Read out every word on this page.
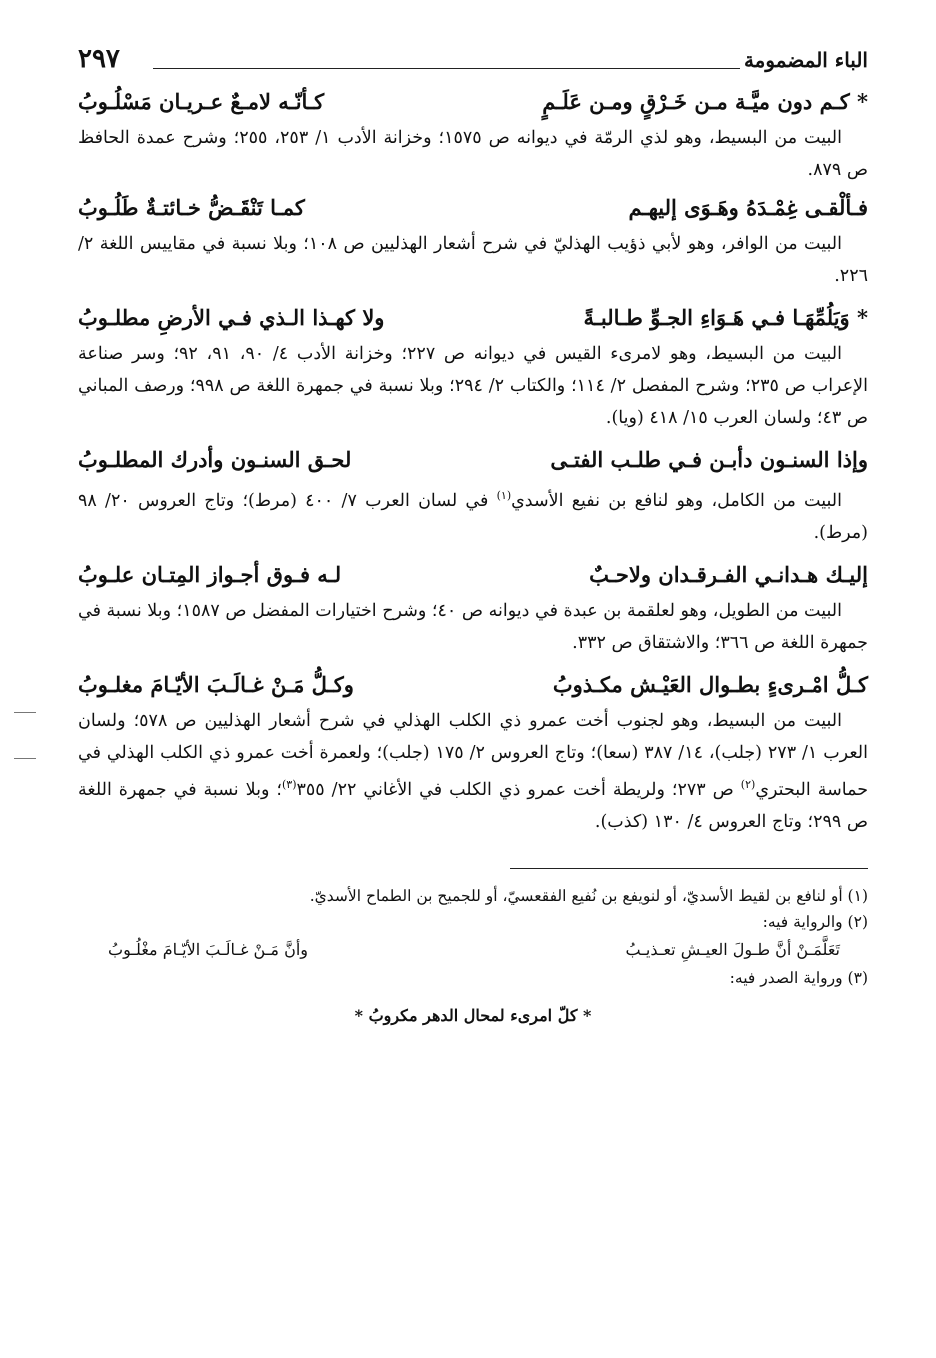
الباء المضمومة
٢٩٧
* كـم دون ميَّـة مـن خَـرْقٍ ومـن عَلَـمٍ
كـأنّـه لامـعٌ عـريـان مَسْلُـوبُ

البيت من البسيط، وهو لذي الرمّة في ديوانه ص ١٥٧٥؛ وخزانة الأدب ١/ ٢٥٣، ٢٥٥؛ وشرح عمدة الحافظ ص ٨٧٩.

فـألْقـى غِمْـدَهُ وهَـوَى إليهـم
كمـا تَنْقَـضُّ خـائتـةٌ طَلُـوبُ

البيت من الوافر، وهو لأبي ذؤيب الهذليّ في شرح أشعار الهذليين ص ١٠٨؛ وبلا نسبة في مقاييس اللغة ٢/ ٢٢٦.

* وَيَلُمِّهَـا فـي هَـوَاءِ الجـوِّ طـالبـةً
ولا كهـذا الـذي فـي الأرضِ مطلـوبُ

البيت من البسيط، وهو لامرىء القيس في ديوانه ص ٢٢٧؛ وخزانة الأدب ٤/ ٩٠، ٩١، ٩٢؛ وسر صناعة الإعراب ص ٢٣٥؛ وشرح المفصل ٢/ ١١٤؛ والكتاب ٢/ ٢٩٤؛ وبلا نسبة في جمهرة اللغة ص ٩٩٨؛ ورصف المباني ص ٤٣؛ ولسان العرب ١٥/ ٤١٨ (ويا).

وإذا السنـون دأبـن فـي طلـب الفتـى
لحـق السنـون وأدرك المطلـوبُ

البيت من الكامل، وهو لنافع بن نفيع الأسدي$^{(١)}$ في لسان العرب ٧/ ٤٠٠ (مرط)؛ وتاج العروس ٢٠/ ٩٨ (مرط).

إليـك هـدانـي الفـرقـدان ولاحـبٌ
لـه فـوق أجـواز المِتـان علـوبُ

البيت من الطويل، وهو لعلقمة بن عبدة في ديوانه ص ٤٠؛ وشرح اختيارات المفضل ص ١٥٨٧؛ وبلا نسبة في جمهرة اللغة ص ٣٦٦؛ والاشتقاق ص ٣٣٢.

كـلُّ امْـرىءٍ بطـوال العَيْـش مكـذوبُ
وكـلُّ مَـنْ غـالَـبَ الأيّـامَ مغلـوبُ

البيت من البسيط، وهو لجنوب أخت عمرو ذي الكلب الهذلي في شرح أشعار الهذليين ص ٥٧٨؛ ولسان العرب ١/ ٢٧٣ (جلب)، ١٤/ ٣٨٧ (سعا)؛ وتاج العروس ٢/ ١٧٥ (جلب)؛ ولعمرة أخت عمرو ذي الكلب الهذلي في حماسة البحتري$^{(٢)}$ ص ٢٧٣؛ ولريطة أخت عمرو ذي الكلب في الأغاني ٢٢/ ٣٥٥$^{(٣)}$؛ وبلا نسبة في جمهرة اللغة ص ٢٩٩؛ وتاج العروس ٤/ ١٣٠ (كذب).

(١) أو لنافع بن لقيط الأسديّ، أو لنويفع بن نُفيع الفقعسيّ، أو للجميح بن الطماح الأسديّ.
(٢) والرواية فيه:
تَعَلَّمَـنْ أنَّ طـولَ العيـشِ تعـذيـبُ
وأنَّ مَـنْ غـالَـبَ الأيّـامَ مغْلُـوبُ
(٣) ورواية الصدر فيه:
* كلّ امرىء لمحال الدهر مكروبُ *
